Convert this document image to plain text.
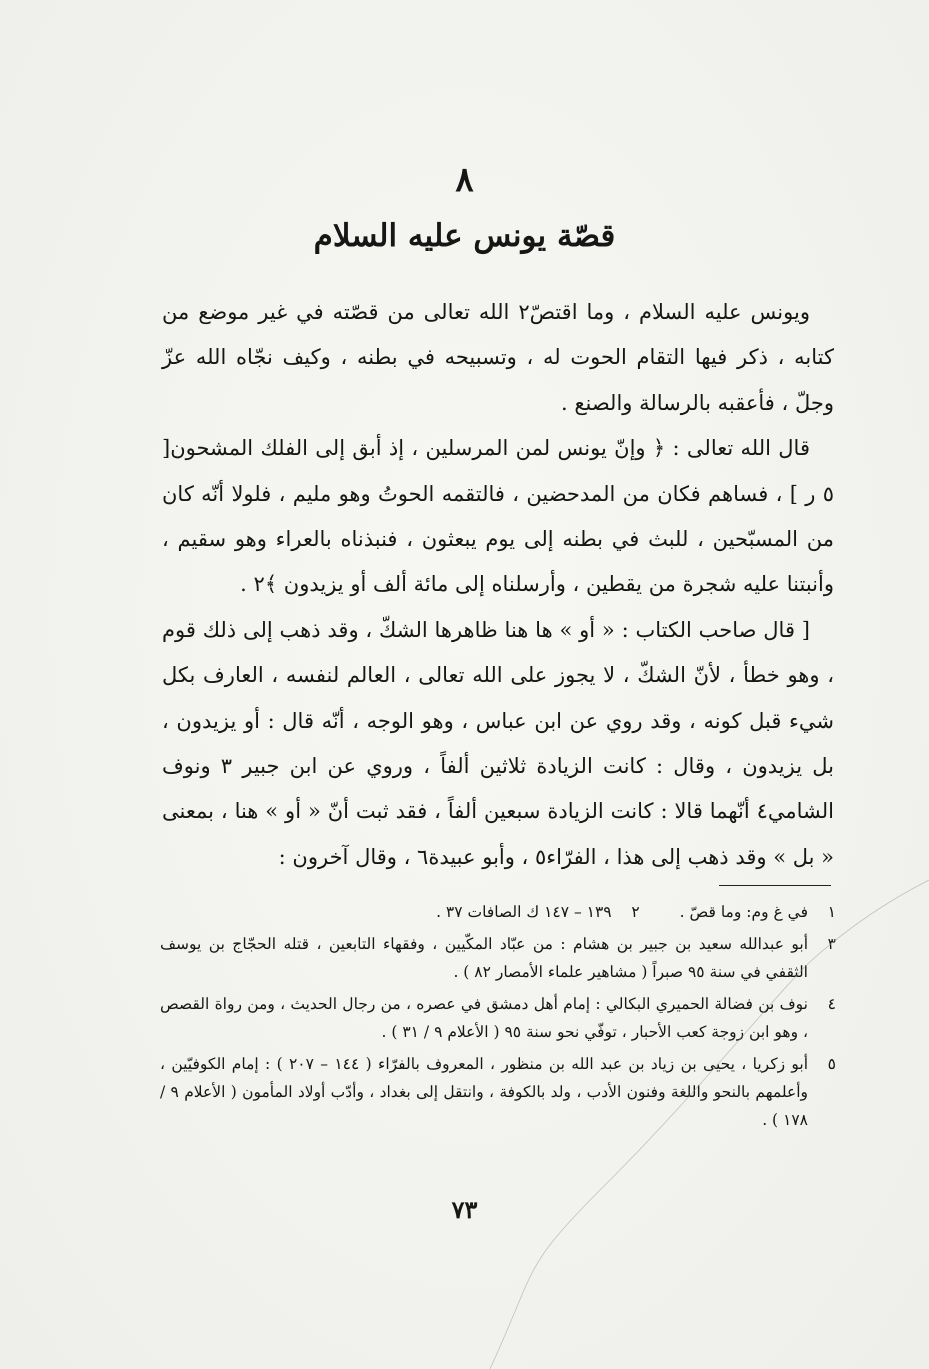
٨
قصّة يونس عليه السلام

ويونس عليه السلام ، وما اقتصّ٢ الله تعالى من قصّته في غير موضع من كتابه ، ذكر فيها التقام الحوت له ، وتسبيحه في بطنه ، وكيف نجّاه الله عزّ وجلّ ، فأعقبه بالرسالة والصنع .

قال الله تعالى : ﴿ وإنّ يونس لمن المرسلين ، إذ أبق إلى الفلك المشحون[ ٥ ر ] ، فساهم فكان من المدحضين ، فالتقمه الحوتُ وهو مليم ، فلولا أنّه كان من المسبّحين ، للبث في بطنه إلى يوم يبعثون ، فنبذناه بالعراء وهو سقيم ، وأنبتنا عليه شجرة من يقطين ، وأرسلناه إلى مائة ألف أو يزيدون ﴾٢ .

[ قال صاحب الكتاب : « أو » ها هنا ظاهرها الشكّ ، وقد ذهب إلى ذلك قوم ، وهو خطأ ، لأنّ الشكّ ، لا يجوز على الله تعالى ، العالم لنفسه ، العارف بكل شيء قبل كونه ، وقد روي عن ابن عباس ، وهو الوجه ، أنّه قال : أو يزيدون ، بل يزيدون ، وقال : كانت الزيادة ثلاثين ألفاً ، وروي عن ابن جبير ٣ ونوف الشامي٤ أنّهما قالا : كانت الزيادة سبعين ألفاً ، فقد ثبت أنّ « أو » هنا ، بمعنى « بل » وقد ذهب إلى هذا ، الفرّاء٥ ، وأبو عبيدة٦ ، وقال آخرون :

١
في غ وم: وما قصّ .
٢
١٣٩ – ١٤٧ ك الصافات ٣٧ .
٣
أبو عبدالله سعيد بن جبير بن هشام : من عبّاد المكّيين ، وفقهاء التابعين ، قتله الحجّاج بن يوسف الثقفي في سنة ٩٥ صبراً ( مشاهير علماء الأمصار ٨٢ ) .
٤
نوف بن فضالة الحميري البكالي : إمام أهل دمشق في عصره ، من رجال الحديث ، ومن رواة القصص ، وهو ابن زوجة كعب الأحبار ، توفّي نحو سنة ٩٥ ( الأعلام ٩ / ٣١ ) .
٥
أبو زكريا ، يحيى بن زياد بن عبد الله بن منظور ، المعروف بالفرّاء ( ١٤٤ – ٢٠٧ ) : إمام الكوفيّين ، وأعلمهم بالنحو واللغة وفنون الأدب ، ولد بالكوفة ، وانتقل إلى بغداد ، وأدّب أولاد المأمون ( الأعلام ٩ / ١٧٨ ) .
٧٣
